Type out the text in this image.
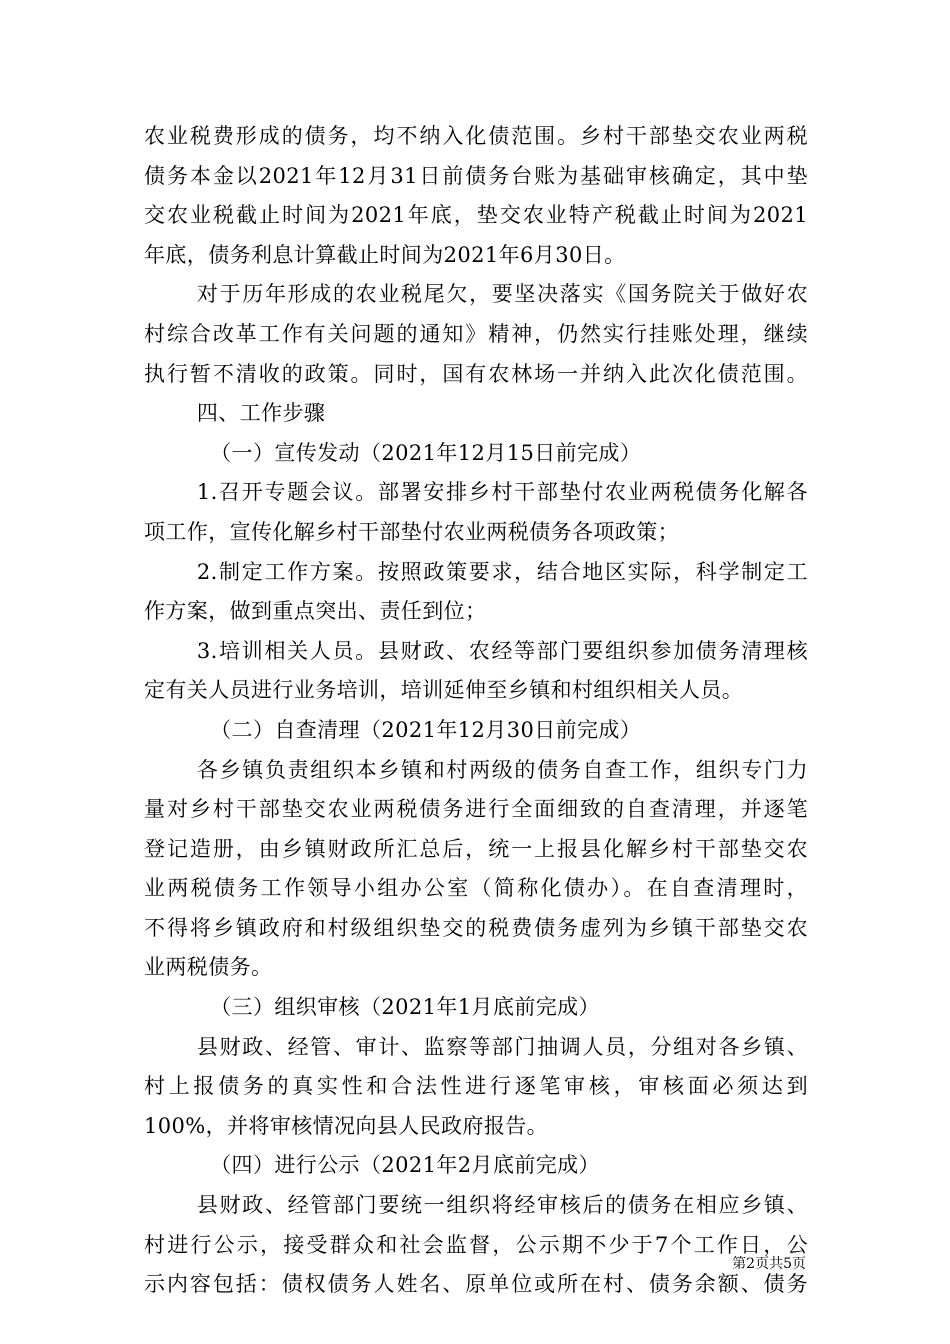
农业税费形成的债务，均不纳入化债范围。乡村干部垫交农业两税
债务本金以2021年12月31日前债务台账为基础审核确定，其中垫
交农业税截止时间为2021年底，垫交农业特产税截止时间为2021
年底，债务利息计算截止时间为2021年6月30日。
对于历年形成的农业税尾欠，要坚决落实《国务院关于做好农
村综合改革工作有关问题的通知》精神，仍然实行挂账处理，继续
执行暂不清收的政策。同时，国有农林场一并纳入此次化债范围。
四、工作步骤
（一）宣传发动（2021年12月15日前完成）
1.召开专题会议。部署安排乡村干部垫付农业两税债务化解各
项工作，宣传化解乡村干部垫付农业两税债务各项政策；
2.制定工作方案。按照政策要求，结合地区实际，科学制定工
作方案，做到重点突出、责任到位；
3.培训相关人员。县财政、农经等部门要组织参加债务清理核
定有关人员进行业务培训，培训延伸至乡镇和村组织相关人员。
（二）自查清理（2021年12月30日前完成）
各乡镇负责组织本乡镇和村两级的债务自查工作，组织专门力
量对乡村干部垫交农业两税债务进行全面细致的自查清理，并逐笔
登记造册，由乡镇财政所汇总后，统一上报县化解乡村干部垫交农
业两税债务工作领导小组办公室（简称化债办）。在自查清理时，
不得将乡镇政府和村级组织垫交的税费债务虚列为乡镇干部垫交农
业两税债务。
（三）组织审核（2021年1月底前完成）
县财政、经管、审计、监察等部门抽调人员，分组对各乡镇、
村上报债务的真实性和合法性进行逐笔审核，审核面必须达到
100%，并将审核情况向县人民政府报告。
（四）进行公示（2021年2月底前完成）
县财政、经管部门要统一组织将经审核后的债务在相应乡镇、
村进行公示，接受群众和社会监督，公示期不少于7个工作日，公
示内容包括：债权债务人姓名、原单位或所在村、债务余额、债务
第2页共5页
